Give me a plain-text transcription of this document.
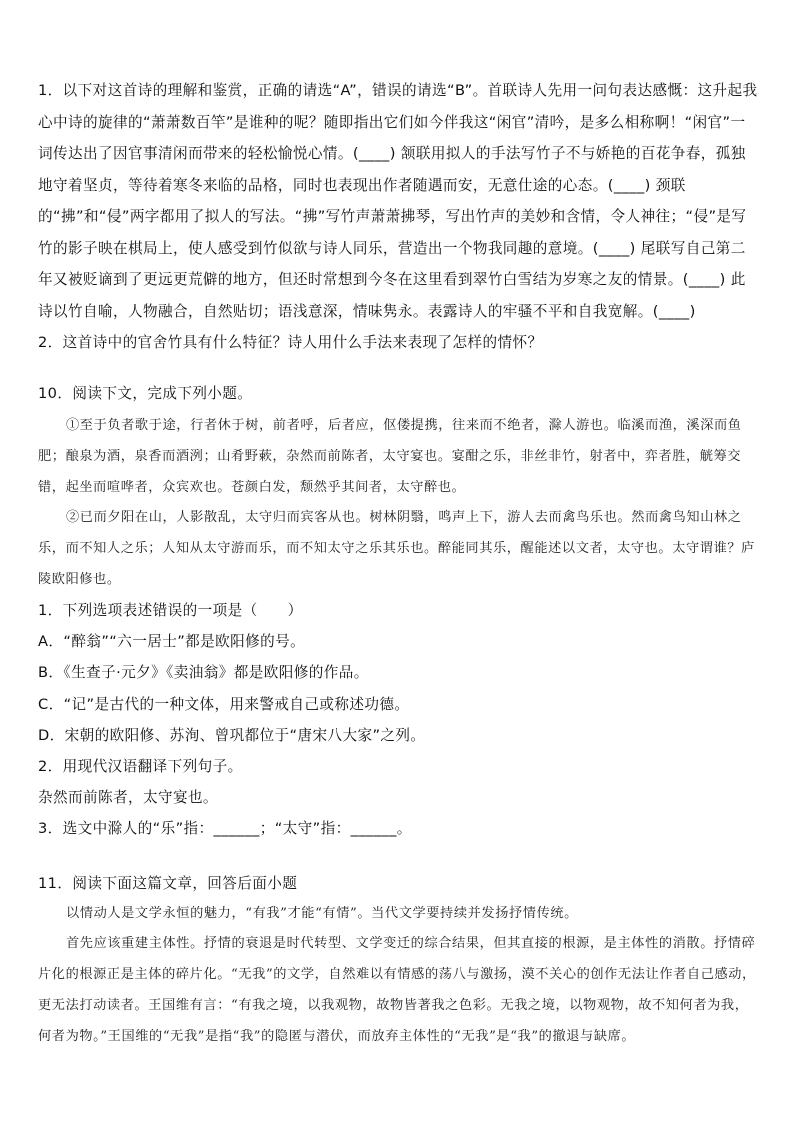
1．以下对这首诗的理解和鉴赏，正确的请选“A”，错误的请选“B”。首联诗人先用一问句表达感慨：这升起我心中诗的旋律的“萧萧数百竿”是谁种的呢？随即指出它们如今伴我这“闲官”清吟，是多么相称啊！“闲官”一词传达出了因官事清闲而带来的轻松愉悦心情。(____) 颔联用拟人的手法写竹子不与娇艳的百花争春，孤独地守着坚贞，等待着寒冬来临的品格，同时也表现出作者随遇而安，无意仕途的心态。(____) 颈联的“拂”和“侵”两字都用了拟人的写法。“拂”写竹声萧萧拂琴，写出竹声的美妙和含情，令人神往；“侵”是写竹的影子映在棋局上，使人感受到竹似欲与诗人同乐，营造出一个物我同趣的意境。(____) 尾联写自己第二年又被贬谪到了更远更荒僻的地方，但还时常想到今冬在这里看到翠竹白雪结为岁寒之友的情景。(____) 此诗以竹自喻，人物融合，自然贴切；语浅意深，情味隽永。表露诗人的牢骚不平和自我宽解。(____)
2．这首诗中的官舍竹具有什么特征？诗人用什么手法来表现了怎样的情怀？
10．阅读下文，完成下列小题。
①至于负者歌于途，行者休于树，前者呼，后者应，伛偻提携，往来而不绝者，滁人游也。临溪而渔，溪深而鱼肥；酿泉为酒，泉香而酒洌；山肴野蔌，杂然而前陈者，太守宴也。宴酣之乐，非丝非竹，射者中，弈者胜，觥筹交错，起坐而喧哗者，众宾欢也。苍颜白发，颓然乎其间者，太守醉也。
②已而夕阳在山，人影散乱，太守归而宾客从也。树林阴翳，鸣声上下，游人去而禽鸟乐也。然而禽鸟知山林之乐，而不知人之乐；人知从太守游而乐，而不知太守之乐其乐也。醉能同其乐，醒能述以文者，太守也。太守谓谁？庐陵欧阳修也。
1．下列选项表述错误的一项是（　　）
A．“醉翁”“六一居士”都是欧阳修的号。
B．《生查子·元夕》《卖油翁》都是欧阳修的作品。
C．“记”是古代的一种文体，用来警戒自己或称述功德。
D．宋朝的欧阳修、苏洵、曾巩都位于“唐宋八大家”之列。
2．用现代汉语翻译下列句子。
杂然而前陈者，太守宴也。
3．选文中滁人的“乐”指：______；“太守”指：______。
11．阅读下面这篇文章，回答后面小题
以情动人是文学永恒的魅力，“有我”才能“有情”。当代文学要持续并发扬抒情传统。
首先应该重建主体性。抒情的衰退是时代转型、文学变迁的综合结果，但其直接的根源，是主体性的消散。抒情碎片化的根源正是主体的碎片化。“无我”的文学，自然难以有情感的荡八与激扬，漠不关心的创作无法让作者自己感动，更无法打动读者。王国维有言：“有我之境，以我观物，故物皆著我之色彩。无我之境，以物观物，故不知何者为我，何者为物。”王国维的“无我”是指“我”的隐匿与潜伏，而放弃主体性的“无我”是“我”的撤退与缺席。
